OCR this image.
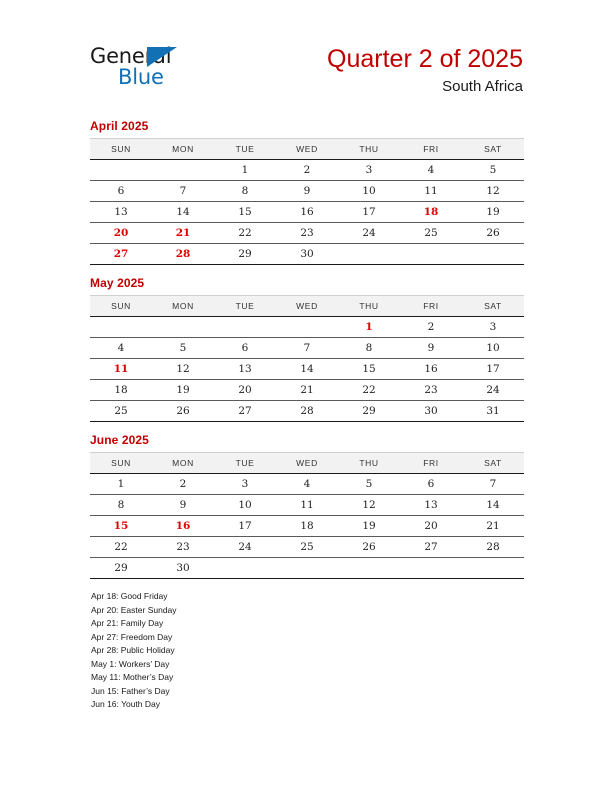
General
Blue
Quarter 2 of 2025
South Africa
April 2025
SUN	MON	TUE	WED	THU	FRI	SAT
		1	2	3	4	5
6	7	8	9	10	11	12
13	14	15	16	17	18	19
20	21	22	23	24	25	26
27	28	29	30			
May 2025
SUN	MON	TUE	WED	THU	FRI	SAT
				1	2	3
4	5	6	7	8	9	10
11	12	13	14	15	16	17
18	19	20	21	22	23	24
25	26	27	28	29	30	31
June 2025
SUN	MON	TUE	WED	THU	FRI	SAT
1	2	3	4	5	6	7
8	9	10	11	12	13	14
15	16	17	18	19	20	21
22	23	24	25	26	27	28
29	30					
Apr 18: Good Friday
Apr 20: Easter Sunday
Apr 21: Family Day
Apr 27: Freedom Day
Apr 28: Public Holiday
May 1: Workers’ Day
May 11: Mother’s Day
Jun 15: Father’s Day
Jun 16: Youth Day
